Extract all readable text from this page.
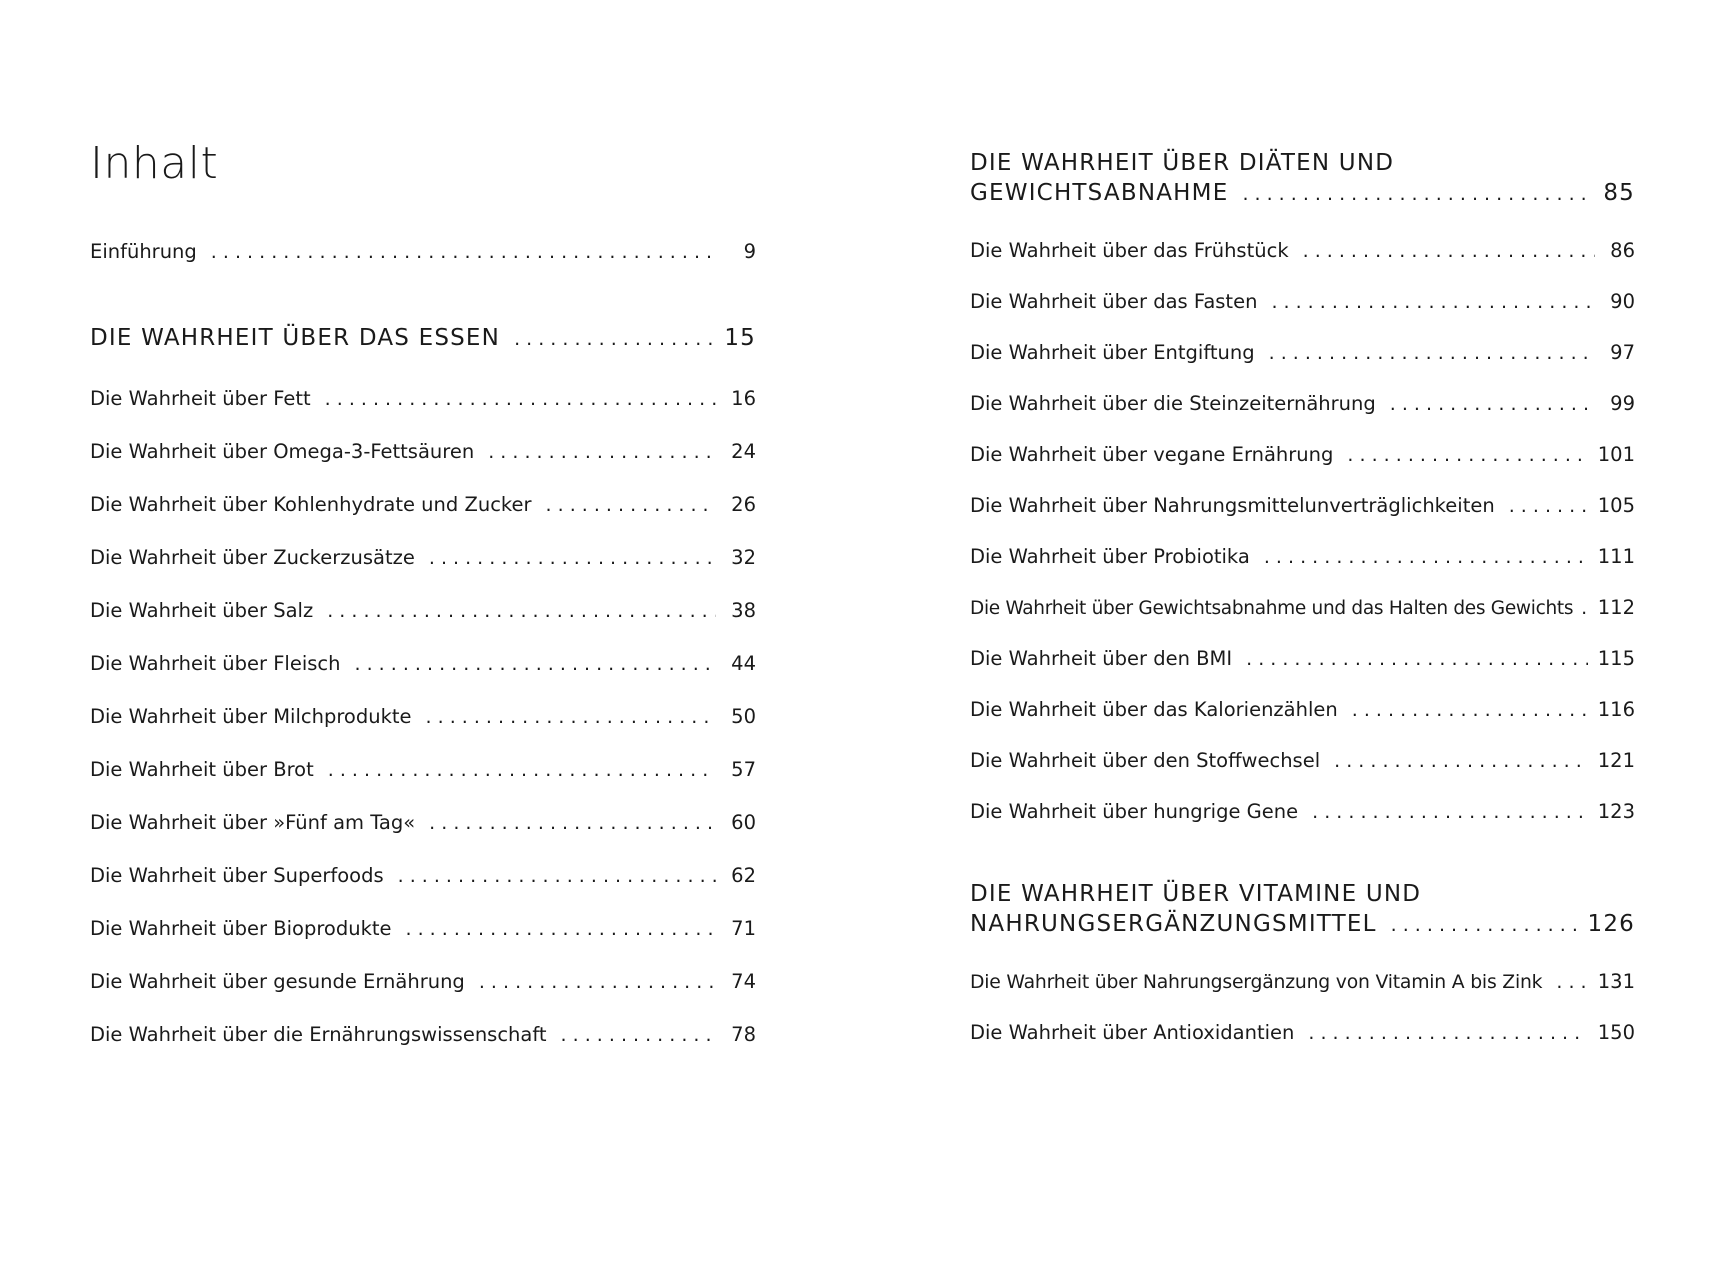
Inhalt
Einführung . . .	9
DIE WAHRHEIT ÜBER DAS ESSEN . . .	15
Die Wahrheit über Fett . . .	16
Die Wahrheit über Omega-3-Fettsäuren . . .	24
Die Wahrheit über Kohlenhydrate und Zucker . . .	26
Die Wahrheit über Zuckerzusätze . . .	32
Die Wahrheit über Salz . . .	38
Die Wahrheit über Fleisch . . .	44
Die Wahrheit über Milchprodukte . . .	50
Die Wahrheit über Brot . . .	57
Die Wahrheit über »Fünf am Tag« . . .	60
Die Wahrheit über Superfoods . . .	62
Die Wahrheit über Bioprodukte . . .	71
Die Wahrheit über gesunde Ernährung . . .	74
Die Wahrheit über die Ernährungswissenschaft . . .	78
DIE WAHRHEIT ÜBER DIÄTEN UND
GEWICHTSABNAHME . . .	85
Die Wahrheit über das Frühstück . . .	86
Die Wahrheit über das Fasten . . .	90
Die Wahrheit über Entgiftung . . .	97
Die Wahrheit über die Steinzeiternährung . . .	99
Die Wahrheit über vegane Ernährung . . .	101
Die Wahrheit über Nahrungsmittelunverträglichkeiten . . .	105
Die Wahrheit über Probiotika . . .	111
Die Wahrheit über Gewichtsabnahme und das Halten des Gewichts . . . 112
Die Wahrheit über den BMI . . .	115
Die Wahrheit über das Kalorienzählen . . .	116
Die Wahrheit über den Stoffwechsel . . .	121
Die Wahrheit über hungrige Gene . . .	123
DIE WAHRHEIT ÜBER VITAMINE UND
NAHRUNGSERGÄNZUNGSMITTEL . . .	126
Die Wahrheit über Nahrungsergänzung von Vitamin A bis Zink . . .	131
Die Wahrheit über Antioxidantien . . .	150
